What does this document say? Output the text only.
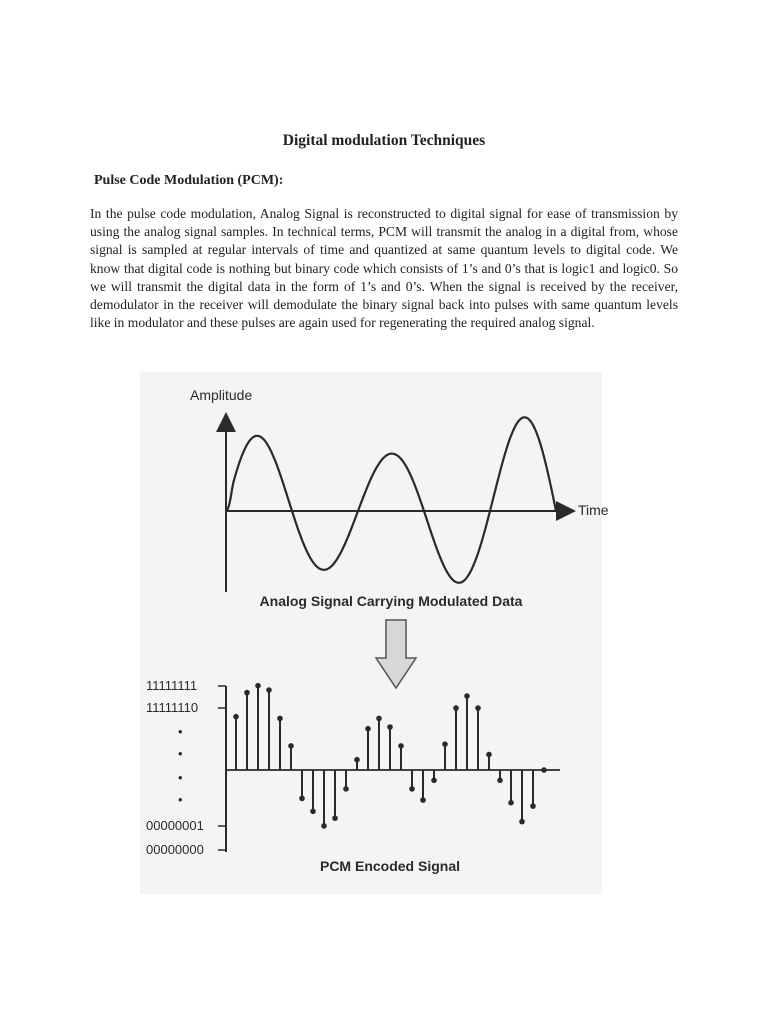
Digital modulation Techniques
Pulse Code Modulation (PCM):
In the pulse code modulation, Analog Signal is reconstructed to digital signal for ease of transmission by using the analog signal samples. In technical terms, PCM will transmit the analog in a digital from, whose signal is sampled at regular intervals of time and quantized at same quantum levels to digital code. We know that digital code is nothing but binary code which consists of 1’s and 0’s that is logic1 and logic0. So we will transmit the digital data in the form of 1’s and 0’s. When the signal is received by the receiver, demodulator in the receiver will demodulate the binary signal back into pulses with same quantum levels like in modulator and these pulses are again used for regenerating the required analog signal.
Amplitude
Time
Analog Signal Carrying Modulated Data
11111111
11111110
•
•
•
•
00000001
00000000
PCM Encoded Signal
